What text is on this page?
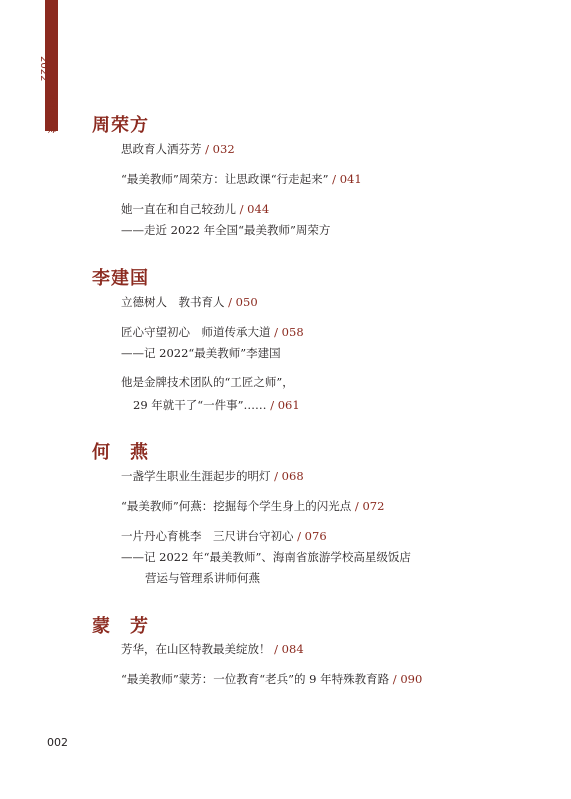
2022
最美教师 周荣方
思政育人洒芬芳 / 032
“最美教师”周荣方：让思政课“行走起来” / 041
她一直在和自己较劲儿 / 044
——走近 2022 年全国“最美教师”周荣方
李建国
立德树人　教书育人 / 050
匠心守望初心　师道传承大道 / 058
——记 2022“最美教师”李建国
他是金牌技术团队的“工匠之师”，
29 年就干了“一件事”…… / 061
何　燕
一盏学生职业生涯起步的明灯 / 068
“最美教师”何燕：挖掘每个学生身上的闪光点 / 072
一片丹心育桃李　三尺讲台守初心 / 076
——记 2022 年“最美教师”、海南省旅游学校高星级饭店
营运与管理系讲师何燕
蒙　芳
芳华，在山区特教最美绽放！ / 084
“最美教师”蒙芳：一位教育“老兵”的 9 年特殊教育路 / 090
002
